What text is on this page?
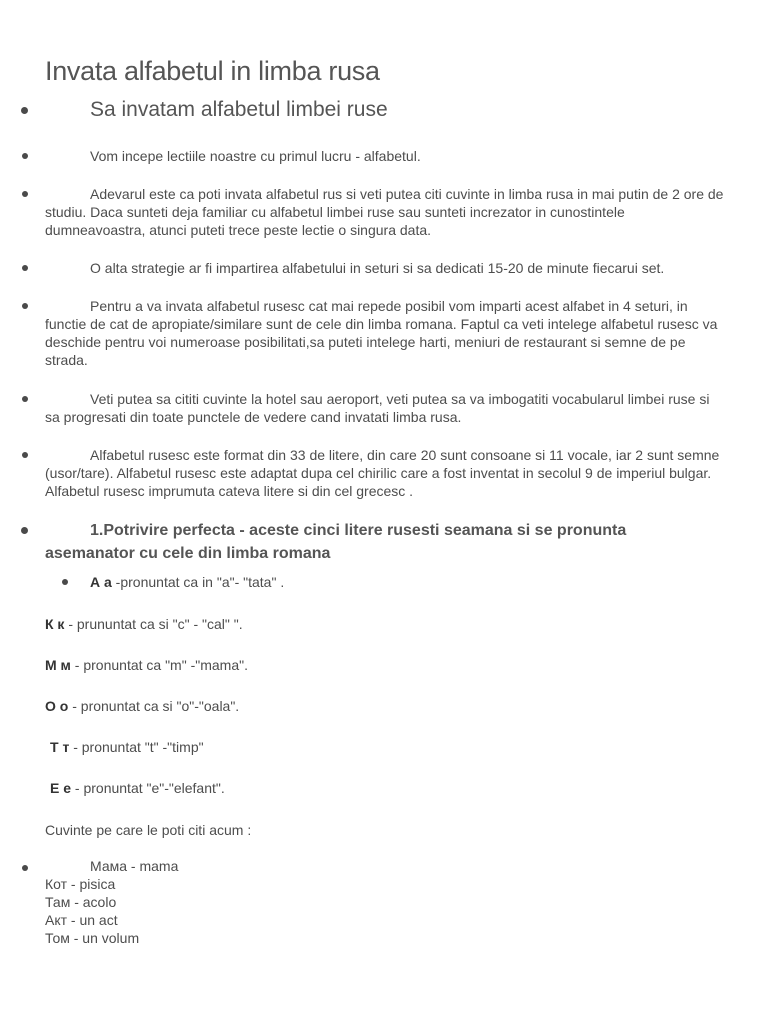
Invata alfabetul in limba rusa
Sa invatam alfabetul limbei ruse
Vom incepe lectiile noastre cu primul lucru - alfabetul.
Adevarul este ca poti invata alfabetul rus si veti putea citi cuvinte in limba rusa in mai putin de 2 ore de studiu. Daca sunteti deja familiar cu alfabetul limbei ruse sau sunteti increzator in cunostintele dumneavoastra, atunci puteti trece peste lectie o singura data.
O alta strategie ar fi impartirea alfabetului in seturi si sa dedicati 15-20 de minute fiecarui set.
Pentru a va invata alfabetul rusesc cat mai repede posibil vom imparti acest alfabet in 4 seturi, in functie de cat de apropiate/similare sunt de cele din limba romana. Faptul ca veti intelege alfabetul rusesc va deschide pentru voi numeroase posibilitati,sa puteti intelege harti, meniuri de restaurant si semne de pe strada.
Veti putea sa cititi cuvinte la hotel sau aeroport, veti putea sa va imbogatiti vocabularul limbei ruse si sa progresati din toate punctele de vedere cand invatati limba rusa.
Alfabetul rusesc este format din 33 de litere, din care 20 sunt consoane si 11 vocale, iar 2 sunt semne (usor/tare). Alfabetul rusesc este adaptat dupa cel chirilic care a fost inventat in secolul 9 de imperiul bulgar. Alfabetul rusesc imprumuta cateva litere si din cel grecesc .
1.Potrivire perfecta - aceste cinci litere rusesti seamana si se pronunta asemanator cu cele din limba romana
А а -pronuntat ca in "a"- "tata" .
К к - prununtat ca si "c" - "cal" ".
М м - pronuntat ca "m" -"mama".
О о - pronuntat ca si "o"-"oala".
Т т - pronuntat "t" -"timp"
Е е - pronuntat "e"-"elefant".
Cuvinte pe care le poti citi acum :
Мама - mama
Кот - pisica
Там - acolo
Акт - un act
Том - un volum
